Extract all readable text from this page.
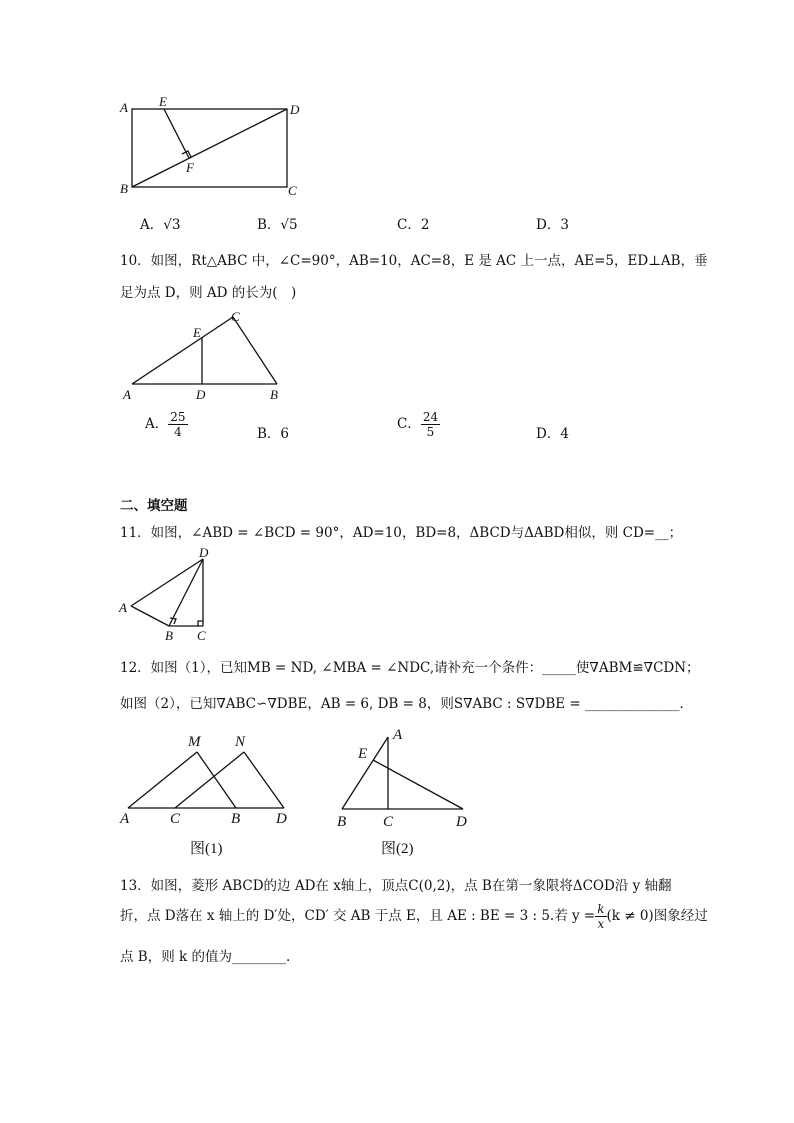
A E
D
F
B	C
A．√3	B．√5	C．2	D．3
10．如图，Rt△ABC 中，∠C=90°，AB=10，AC=8，E 是 AC 上一点，AE=5，ED⊥AB，垂
足为点 D，则 AD 的长为(　)
C
E
A	D	B
A． $\frac{25}{4}$	B．6
C． $\frac{24}{5}$	D．4
二、填空题
11．如图，∠ABD = ∠BCD = 90°，AD=10，BD=8，ΔBCD与ΔABD相似，则 CD=__；
D
A
B C
12．如图（1），已知MB = ND, ∠MBA = ∠NDC,请补充一个条件：_____使∇ABM≌∇CDN；
如图（2），已知∇ABC∽∇DBE，AB = 6, DB = 8，则S∇ABC : S∇DBE = ______________．
M N
A	C	B D
图(1)
A
E
B C	D
图(2)
13．如图，菱形 ABCD的边 AD在 x轴上，顶点C(0,2)，点 B在第一象限将ΔCOD沿 y 轴翻
折，点 D落在 x 轴上的 D′处，CD′ 交 AB 于点 E，且 AE : BE = 3 : 5.若 $y = \frac{k}{x} (k \ne 0)$图象经过
点 B，则 k 的值为________.
